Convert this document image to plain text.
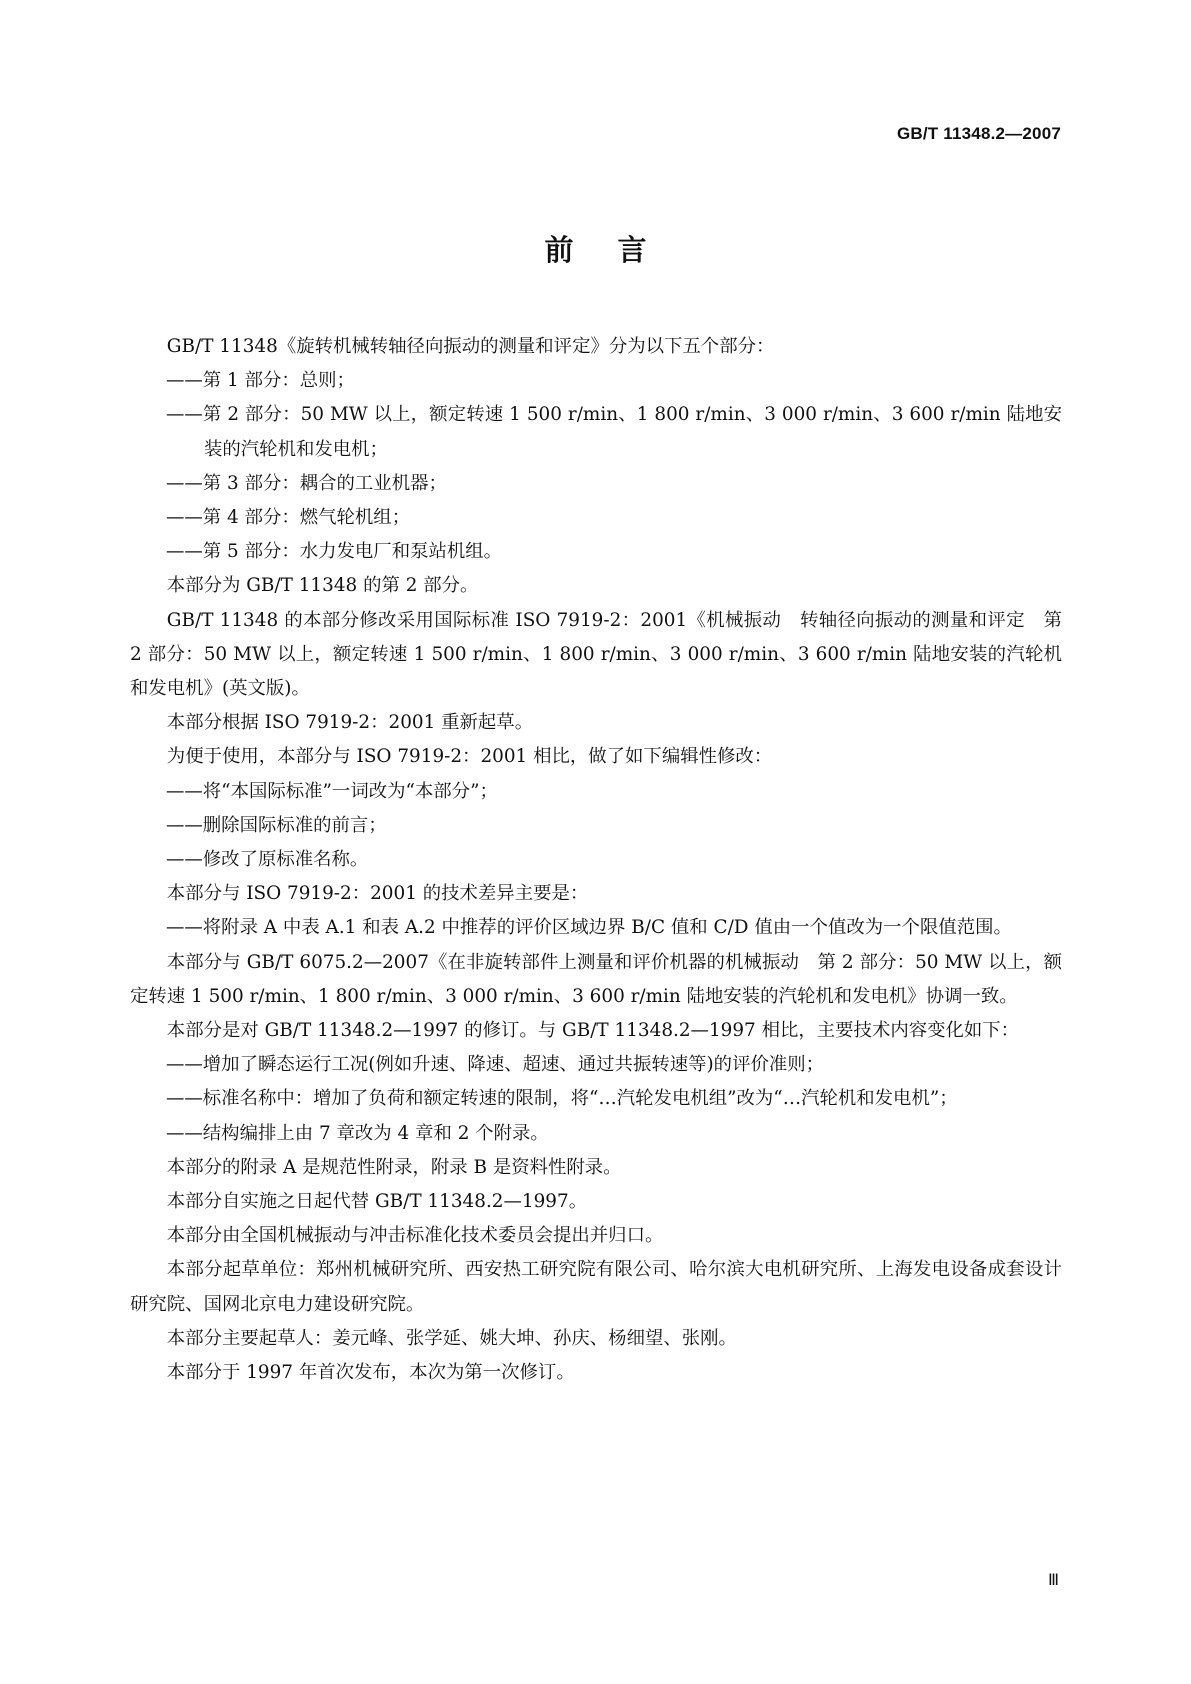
GB/T 11348.2—2007
前言

GB/T 11348《旋转机械转轴径向振动的测量和评定》分为以下五个部分：

——第 1 部分：总则；

——第 2 部分：50 MW 以上，额定转速 1 500 r/min、1 800 r/min、3 000 r/min、3 600 r/min 陆地安装的汽轮机和发电机；

——第 3 部分：耦合的工业机器；

——第 4 部分：燃气轮机组；

——第 5 部分：水力发电厂和泵站机组。

本部分为 GB/T 11348 的第 2 部分。

GB/T 11348 的本部分修改采用国际标准 ISO 7919-2：2001《机械振动　转轴径向振动的测量和评定　第 2 部分：50 MW 以上，额定转速 1 500 r/min、1 800 r/min、3 000 r/min、3 600 r/min 陆地安装的汽轮机和发电机》(英文版)。

本部分根据 ISO 7919-2：2001 重新起草。

为便于使用，本部分与 ISO 7919-2：2001 相比，做了如下编辑性修改：

——将“本国际标准”一词改为“本部分”；

——删除国际标准的前言；

——修改了原标准名称。

本部分与 ISO 7919-2：2001 的技术差异主要是：

——将附录 A 中表 A.1 和表 A.2 中推荐的评价区域边界 B/C 值和 C/D 值由一个值改为一个限值范围。

本部分与 GB/T 6075.2—2007《在非旋转部件上测量和评价机器的机械振动　第 2 部分：50 MW 以上，额定转速 1 500 r/min、1 800 r/min、3 000 r/min、3 600 r/min 陆地安装的汽轮机和发电机》协调一致。

本部分是对 GB/T 11348.2—1997 的修订。与 GB/T 11348.2—1997 相比，主要技术内容变化如下：

——增加了瞬态运行工况(例如升速、降速、超速、通过共振转速等)的评价准则；

——标准名称中：增加了负荷和额定转速的限制，将“…汽轮发电机组”改为“…汽轮机和发电机”；

——结构编排上由 7 章改为 4 章和 2 个附录。

本部分的附录 A 是规范性附录，附录 B 是资料性附录。

本部分自实施之日起代替 GB/T 11348.2—1997。

本部分由全国机械振动与冲击标准化技术委员会提出并归口。

本部分起草单位：郑州机械研究所、西安热工研究院有限公司、哈尔滨大电机研究所、上海发电设备成套设计研究院、国网北京电力建设研究院。

本部分主要起草人：姜元峰、张学延、姚大坤、孙庆、杨细望、张刚。

本部分于 1997 年首次发布，本次为第一次修订。

Ⅲ
